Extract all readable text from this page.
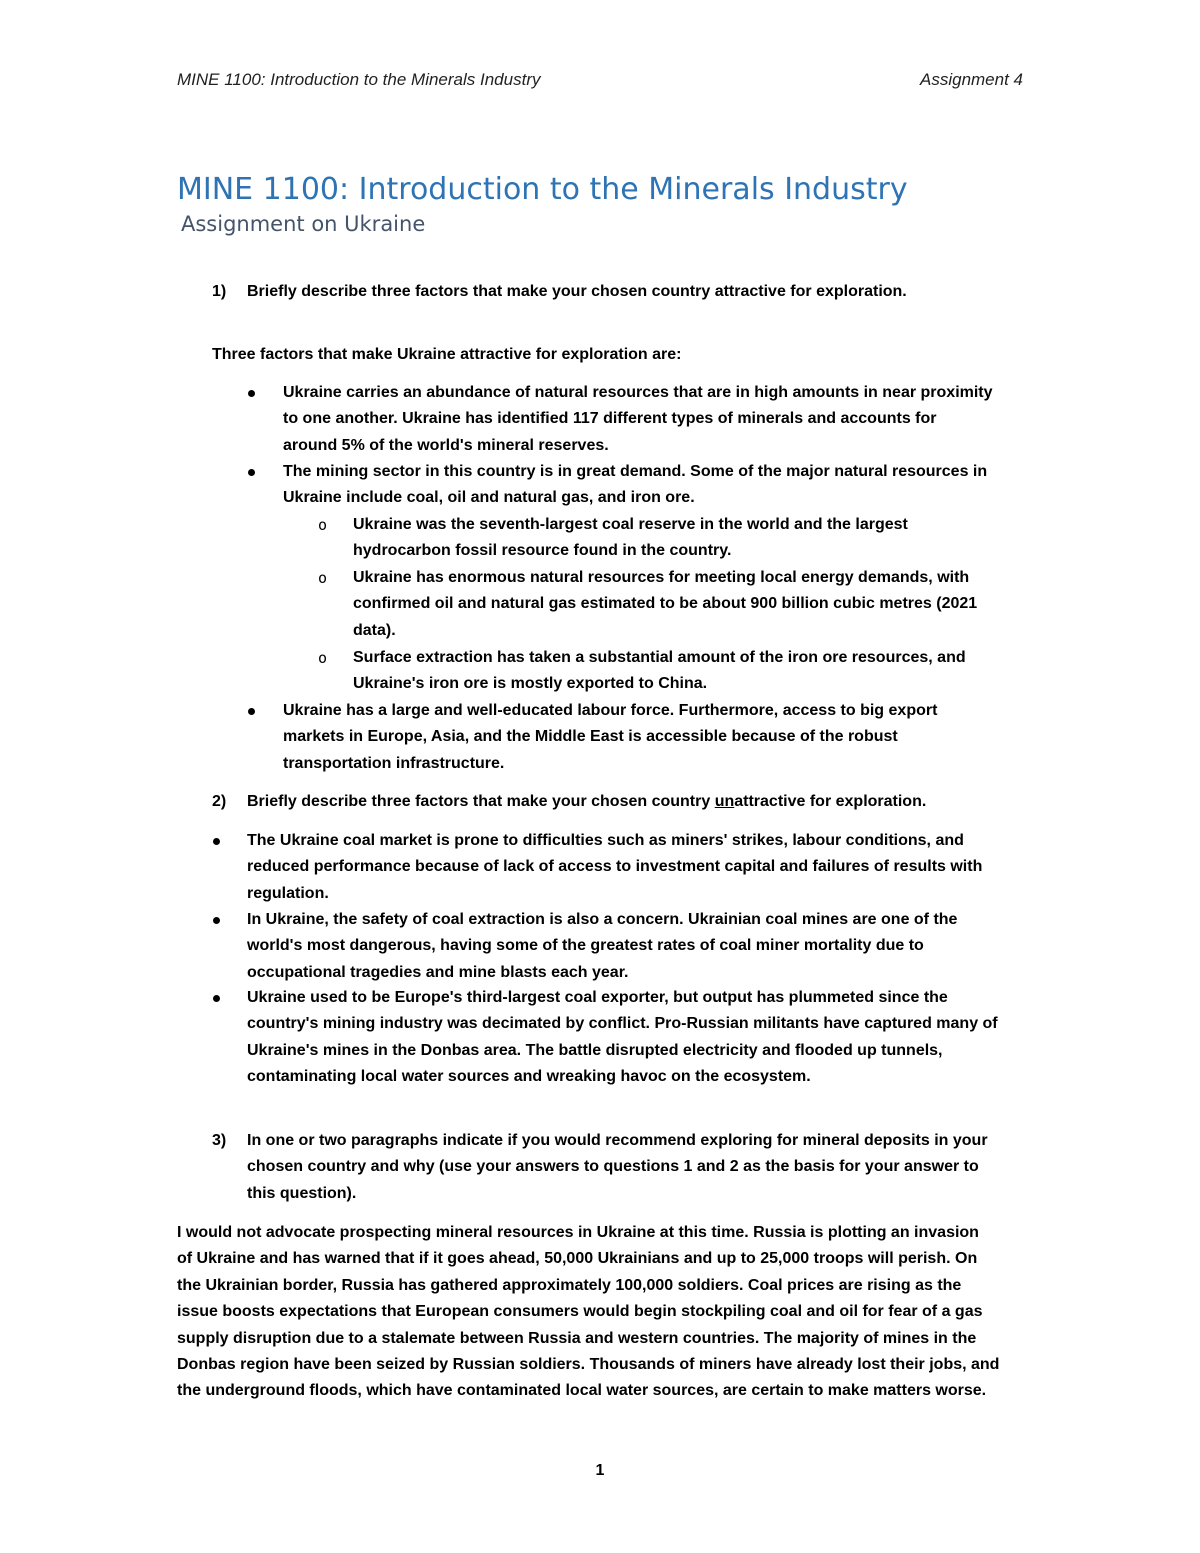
MINE 1100: Introduction to the Minerals Industry	Assignment 4
MINE 1100: Introduction to the Minerals Industry
Assignment on Ukraine
1) Briefly describe three factors that make your chosen country attractive for exploration.
Three factors that make Ukraine attractive for exploration are:
Ukraine carries an abundance of natural resources that are in high amounts in near proximity
to one another. Ukraine has identified 117 different types of minerals and accounts for
around 5% of the world's mineral reserves.
The mining sector in this country is in great demand. Some of the major natural resources in
Ukraine include coal, oil and natural gas, and iron ore.
o Ukraine was the seventh-largest coal reserve in the world and the largest
hydrocarbon fossil resource found in the country.
o Ukraine has enormous natural resources for meeting local energy demands, with
confirmed oil and natural gas estimated to be about 900 billion cubic metres (2021
data).
o Surface extraction has taken a substantial amount of the iron ore resources, and
Ukraine's iron ore is mostly exported to China.
Ukraine has a large and well-educated labour force. Furthermore, access to big export
markets in Europe, Asia, and the Middle East is accessible because of the robust
transportation infrastructure.
2) Briefly describe three factors that make your chosen country unattractive for exploration.
The Ukraine coal market is prone to difficulties such as miners' strikes, labour conditions, and
reduced performance because of lack of access to investment capital and failures of results with
regulation.
In Ukraine, the safety of coal extraction is also a concern. Ukrainian coal mines are one of the
world's most dangerous, having some of the greatest rates of coal miner mortality due to
occupational tragedies and mine blasts each year.
Ukraine used to be Europe's third-largest coal exporter, but output has plummeted since the
country's mining industry was decimated by conflict. Pro-Russian militants have captured many of
Ukraine's mines in the Donbas area. The battle disrupted electricity and flooded up tunnels,
contaminating local water sources and wreaking havoc on the ecosystem.
3) In one or two paragraphs indicate if you would recommend exploring for mineral deposits in your
chosen country and why (use your answers to questions 1 and 2 as the basis for your answer to
this question).
I would not advocate prospecting mineral resources in Ukraine at this time. Russia is plotting an invasion
of Ukraine and has warned that if it goes ahead, 50,000 Ukrainians and up to 25,000 troops will perish. On
the Ukrainian border, Russia has gathered approximately 100,000 soldiers. Coal prices are rising as the
issue boosts expectations that European consumers would begin stockpiling coal and oil for fear of a gas
supply disruption due to a stalemate between Russia and western countries. The majority of mines in the
Donbas region have been seized by Russian soldiers. Thousands of miners have already lost their jobs, and
the underground floods, which have contaminated local water sources, are certain to make matters worse.
1
